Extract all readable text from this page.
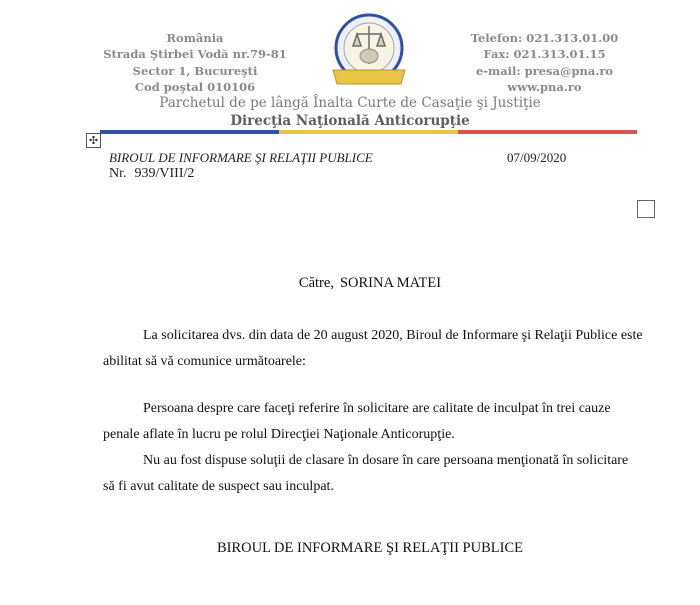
România
Strada Ştirbei Vodă nr.79-81
Sector 1, Bucureşti
Cod poştal 010106
Telefon: 021.313.01.00
Fax: 021.313.01.15
e-mail: presa@pna.ro
www.pna.ro
Parchetul de pe lângă Înalta Curte de Casaţie şi Justiţie
Direcţia Naţională Anticorupţie
✣
BIROUL DE INFORMARE ŞI RELAŢII PUBLICE	07/09/2020
Nr. 939/VIII/2
Către, SORINA MATEI
La solicitarea dvs. din data de 20 august 2020, Biroul de Informare şi Relaţii Publice este abilitat să vă comunice următoarele:
Persoana despre care faceţi referire în solicitare are calitate de inculpat în trei cauze penale aflate în lucru pe rolul Direcţiei Naţionale Anticorupţie.
Nu au fost dispuse soluţii de clasare în dosare în care persoana menţionată în solicitare să fi avut calitate de suspect sau inculpat.
BIROUL DE INFORMARE ŞI RELAŢII PUBLICE
